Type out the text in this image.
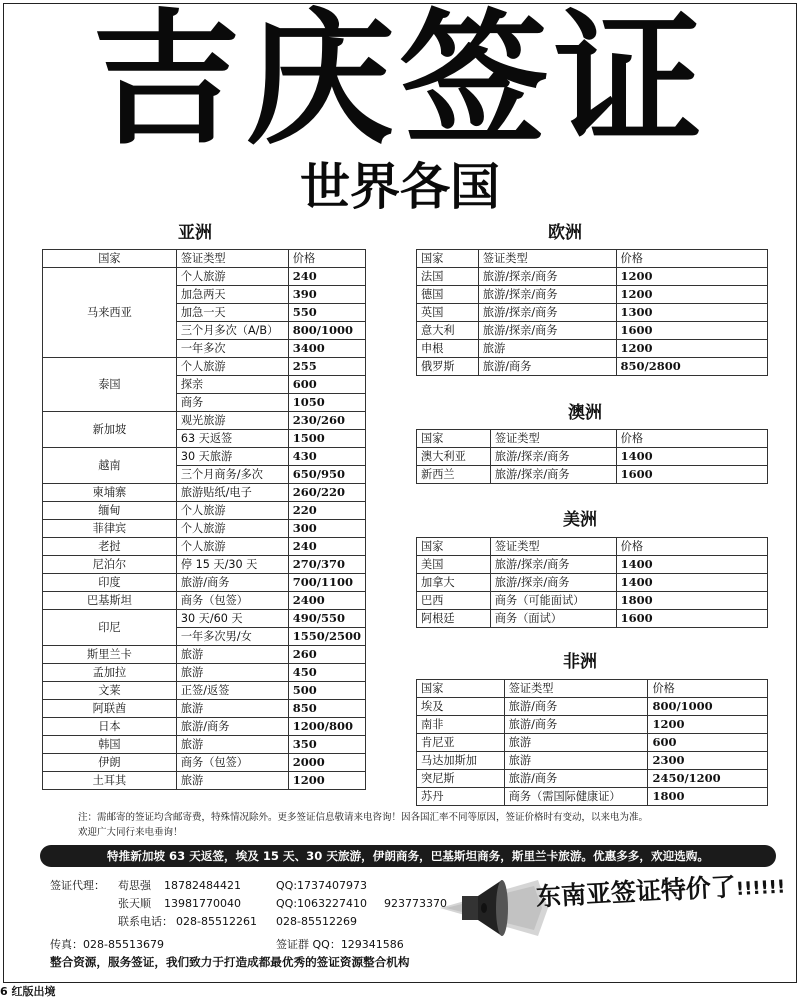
吉庆签证
世界各国
亚洲
国家	签证类型	价格
马来西亚	个人旅游	240
	加急两天	390
	加急一天	550
	三个月多次（A/B）	800/1000
	一年多次	3400
泰国	个人旅游	255
	探亲	600
	商务	1050
新加坡	观光旅游	230/260
	63 天返签	1500
越南	30 天旅游	430
	三个月商务/多次	650/950
柬埔寨	旅游贴纸/电子	260/220
缅甸	个人旅游	220
菲律宾	个人旅游	300
老挝	个人旅游	240
尼泊尔	停 15 天/30 天	270/370
印度	旅游/商务	700/1100
巴基斯坦	商务（包签）	2400
印尼	30 天/60 天	490/550
	一年多次男/女	1550/2500
斯里兰卡	旅游	260
孟加拉	旅游	450
文莱	正签/返签	500
阿联酋	旅游	850
日本	旅游/商务	1200/800
韩国	旅游	350
伊朗	商务（包签）	2000
土耳其	旅游	1200
欧洲
国家	签证类型	价格
法国	旅游/探亲/商务	1200
德国	旅游/探亲/商务	1200
英国	旅游/探亲/商务	1300
意大利	旅游/探亲/商务	1600
申根	旅游	1200
俄罗斯	旅游/商务	850/2800
澳洲
国家	签证类型	价格
澳大利亚	旅游/探亲/商务	1400
新西兰	旅游/探亲/商务	1600
美洲
国家	签证类型	价格
美国	旅游/探亲/商务	1400
加拿大	旅游/探亲/商务	1400
巴西	商务（可能面试）	1800
阿根廷	商务（面试）	1600
非洲
国家	签证类型	价格
埃及	旅游/商务	800/1000
南非	旅游/商务	1200
肯尼亚	旅游	600
马达加斯加	旅游	2300
突尼斯	旅游/商务	2450/1200
苏丹	商务（需国际健康证）	1800
注：需邮寄的签证均含邮寄费，特殊情况除外。更多签证信息敬请来电咨询！因各国汇率不同等原因，签证价格时有变动，以来电为准。
欢迎广大同行来电垂询！
特推新加坡 63 天返签，埃及 15 天、30 天旅游，伊朗商务，巴基斯坦商务，斯里兰卡旅游。优惠多多，欢迎选购。
签证代理： 苟思强 18782484421	QQ:1737407973
张天顺 13981770040	QQ:1063227410 923773370
联系电话： 028-85512261 028-85512269
传真：028-85513679	签证群 QQ：129341586
整合资源，服务签证，我们致力于打造成都最优秀的签证资源整合机构
东南亚签证特价了!!!!!!
6 红版出境
